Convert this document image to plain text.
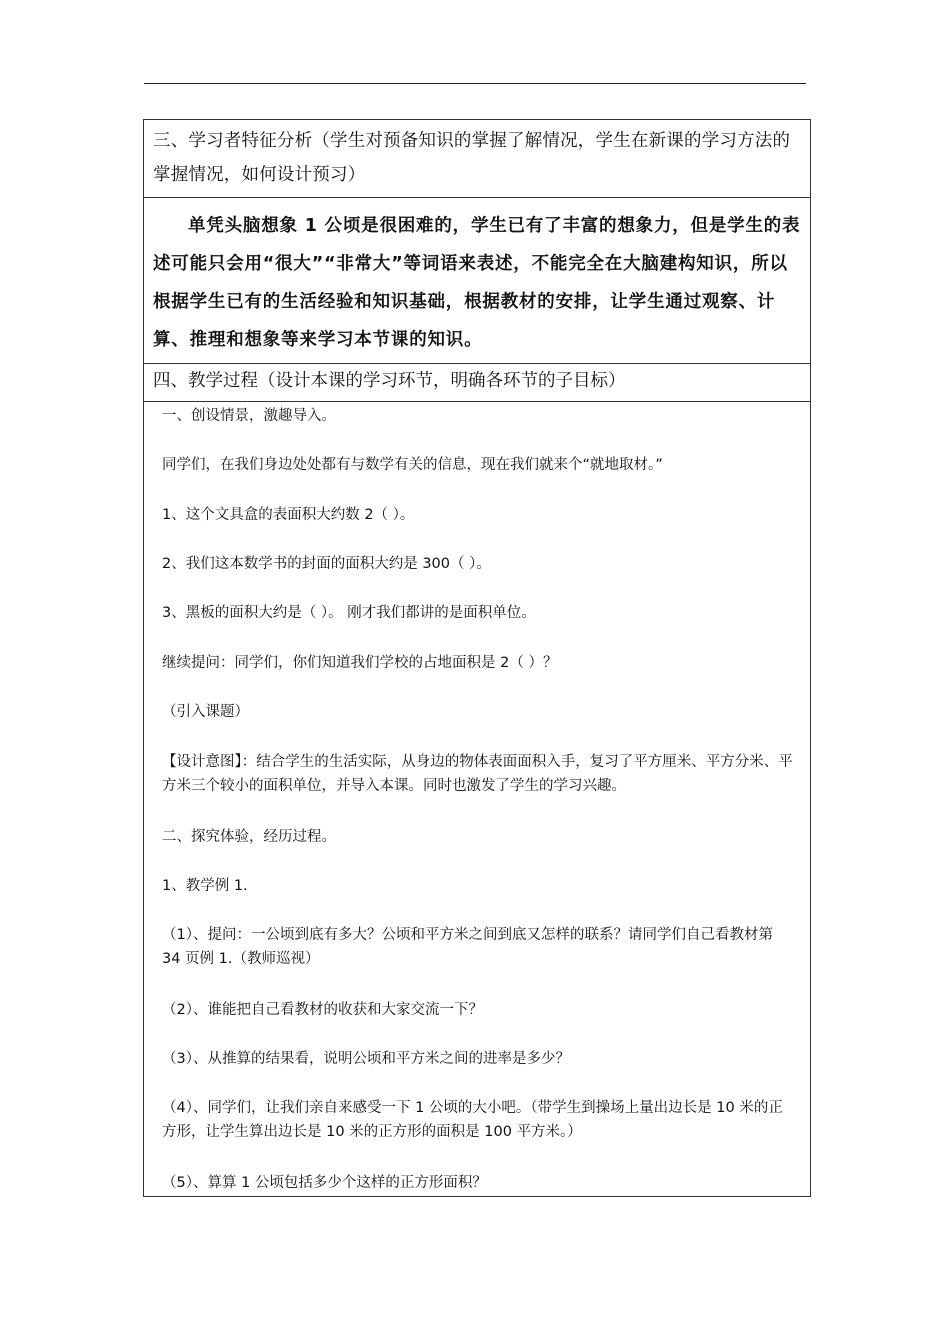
三、学习者特征分析（学生对预备知识的掌握了解情况，学生在新课的学习方法的掌握情况，如何设计预习）

单凭头脑想象 1 公顷是很困难的，学生已有了丰富的想象力，但是学生的表述可能只会用“很大”“非常大”等词语来表述，不能完全在大脑建构知识，所以根据学生已有的生活经验和知识基础，根据教材的安排，让学生通过观察、计算、推理和想象等来学习本节课的知识。

四、教学过程（设计本课的学习环节，明确各环节的子目标）

一、创设情景，激趣导入。

同学们，在我们身边处处都有与数学有关的信息，现在我们就来个“就地取材。”

1、这个文具盒的表面积大约数 2（ ）。

2、我们这本数学书的封面的面积大约是 300（ ）。

3、黑板的面积大约是（ ）。 刚才我们都讲的是面积单位。

继续提问：同学们，你们知道我们学校的占地面积是 2（ ）？

（引入课题）

【设计意图】：结合学生的生活实际，从身边的物体表面面积入手，复习了平方厘米、平方分米、平方米三个较小的面积单位，并导入本课。同时也激发了学生的学习兴趣。

二、探究体验，经历过程。

1、教学例 1.

（1）、提问：一公顷到底有多大？公顷和平方米之间到底又怎样的联系？请同学们自己看教材第 34 页例 1.（教师巡视）

（2）、谁能把自己看教材的收获和大家交流一下？

（3）、从推算的结果看，说明公顷和平方米之间的进率是多少？

（4）、同学们，让我们亲自来感受一下 1 公顷的大小吧。（带学生到操场上量出边长是 10 米的正方形，让学生算出边长是 10 米的正方形的面积是 100 平方米。）

（5）、算算 1 公顷包括多少个这样的正方形面积？
